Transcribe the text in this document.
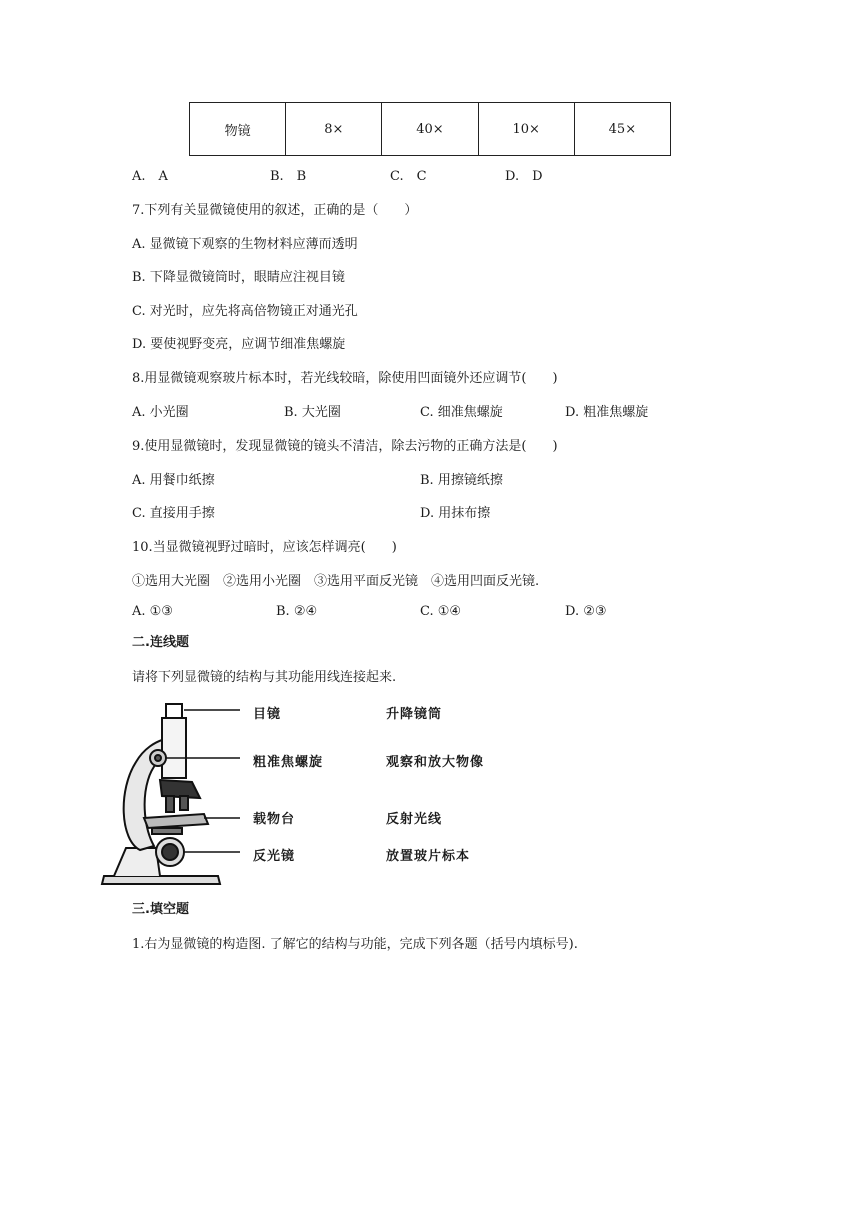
物镜	8×	40×	10×	45×
A.　A	B.　B	C.　C	D.　D
7.下列有关显微镜使用的叙述，正确的是（　　）
A. 显微镜下观察的生物材料应薄而透明
B. 下降显微镜筒时，眼睛应注视目镜
C. 对光时，应先将高倍物镜正对通光孔
D. 要使视野变亮，应调节细准焦螺旋
8.用显微镜观察玻片标本时，若光线较暗，除使用凹面镜外还应调节(　　)
A. 小光圈	B. 大光圈	C. 细准焦螺旋	D. 粗准焦螺旋
9.使用显微镜时，发现显微镜的镜头不清洁，除去污物的正确方法是(　　)
A. 用餐巾纸擦	B. 用擦镜纸擦
C. 直接用手擦	D. 用抹布擦
10.当显微镜视野过暗时，应该怎样调亮(　　)
①选用大光圈　②选用小光圈　③选用平面反光镜　④选用凹面反光镜.
A. ①③	B. ②④	C. ①④	D. ②③
二.连线题
请将下列显微镜的结构与其功能用线连接起来.
目镜
粗准焦螺旋
载物台
反光镜
升降镜筒
观察和放大物像
反射光线
放置玻片标本
三.填空题
1.右为显微镜的构造图. 了解它的结构与功能，完成下列各题（括号内填标号).
